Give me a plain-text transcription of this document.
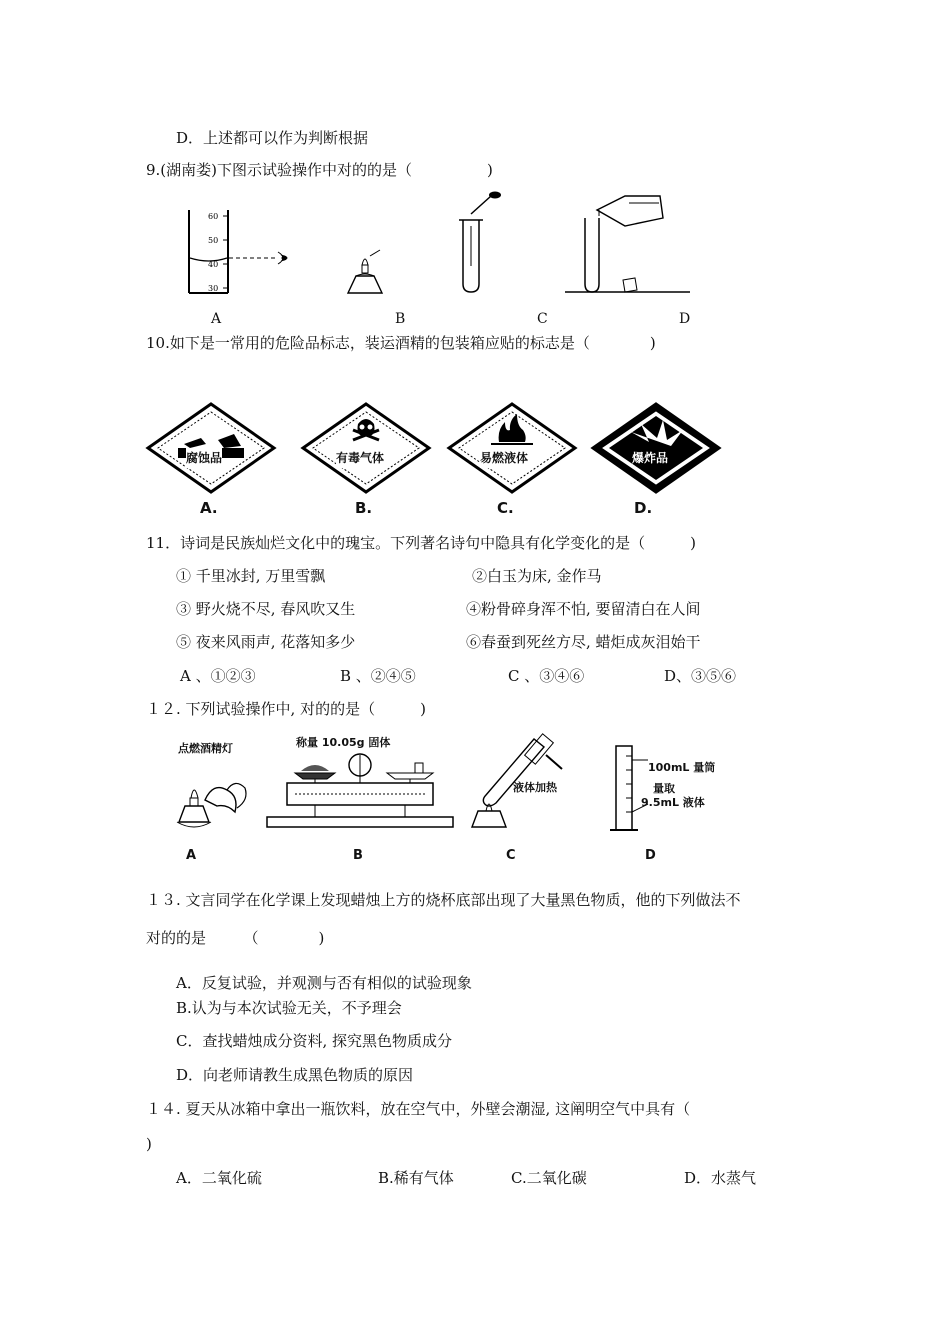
D．上述都可以作为判断根据
9.(湖南娄)下图示试验操作中对的的是（　　　　　)
60
50
40
30
A	B	C	D
10.如下是一常用的危险品标志，装运酒精的包装箱应贴的标志是（　　　　)
腐蚀品	有毒气体	易燃液体	爆炸品
A.	B.	C.	D.
11．诗词是民族灿烂文化中的瑰宝。下列著名诗句中隐具有化学变化的是（　　　)
① 千里冰封, 万里雪飘	②白玉为床, 金作马
③ 野火烧不尽, 春风吹又生	④粉骨碎身浑不怕, 要留清白在人间
⑤ 夜来风雨声, 花落知多少	⑥春蚕到死丝方尽, 蜡炬成灰泪始干
A 、①②③	B 、②④⑤	C 、③④⑥	D、③⑤⑥
１２. 下列试验操作中, 对的的是（　　　)
点燃酒精灯	称量 10.05g 固体
液体加热
100mL 量筒
量取
9.5mL 液体
A	B	C	D
１３. 文言同学在化学课上发现蜡烛上方的烧杯底部出现了大量黑色物质，他的下列做法不
对的的是　　　（　　　　)
A．反复试验，并观测与否有相似的试验现象
B.认为与本次试验无关，不予理会
C．查找蜡烛成分资料, 探究黑色物质成分
D．向老师请教生成黑色物质的原因
１４. 夏天从冰箱中拿出一瓶饮料，放在空气中，外壁会潮湿, 这阐明空气中具有（
)
A．二氧化硫	B.稀有气体	C.二氧化碳	D．水蒸气
